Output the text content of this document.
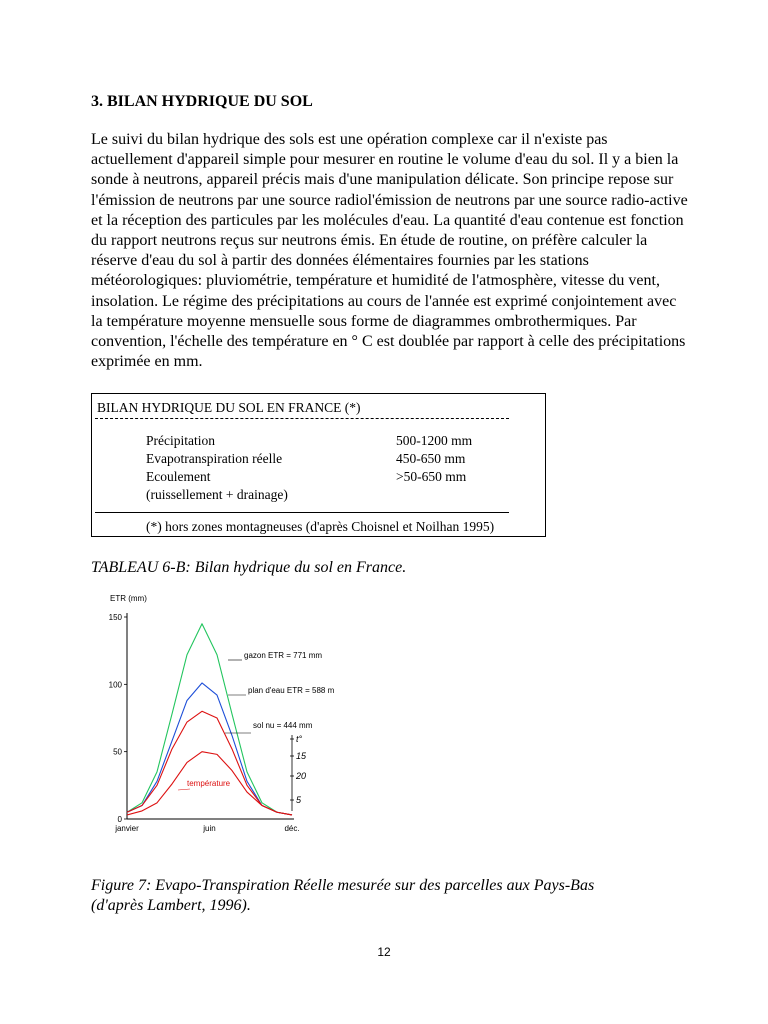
3. BILAN HYDRIQUE DU SOL
Le suivi du bilan hydrique des sols est une opération complexe car il n'existe pas actuellement d'appareil simple pour mesurer en routine le volume d'eau du sol. Il y a bien la sonde à neutrons, appareil précis mais d'une manipulation délicate. Son principe repose sur l'émission de neutrons par une source radiol'émission de neutrons par une source radio-active et la réception des particules par les molécules d'eau. La quantité d'eau contenue est fonction du rapport neutrons reçus sur neutrons émis. En étude de routine, on préfère calculer la réserve d'eau du sol à partir des données élémentaires fournies par les stations météorologiques: pluviométrie, température et humidité de l'atmosphère, vitesse du vent, insolation. Le régime des précipitations au cours de l'année est exprimé conjointement avec la température moyenne mensuelle sous forme de diagrammes ombrothermiques. Par convention, l'échelle des température en ° C est doublée par rapport à celle des précipitations exprimée en mm.
BILAN HYDRIQUE DU SOL EN FRANCE (*)
Précipitation	500-1200 mm
Evapotranspiration réelle	450-650 mm
Ecoulement	>50-650 mm
(ruissellement + drainage)
(*) hors zones montagneuses (d'après Choisnel et Noilhan 1995)
TABLEAU 6-B: Bilan hydrique du sol en France.
ETR (mm)
150
100
50
0
janvier	juin	déc.
t°
15
20
5
gazon ETR = 771 mm
plan d'eau ETR = 588 m
sol nu = 444 mm
température
Figure 7: Evapo-Transpiration Réelle mesurée sur des parcelles aux Pays-Bas
(d'après Lambert, 1996).
12
